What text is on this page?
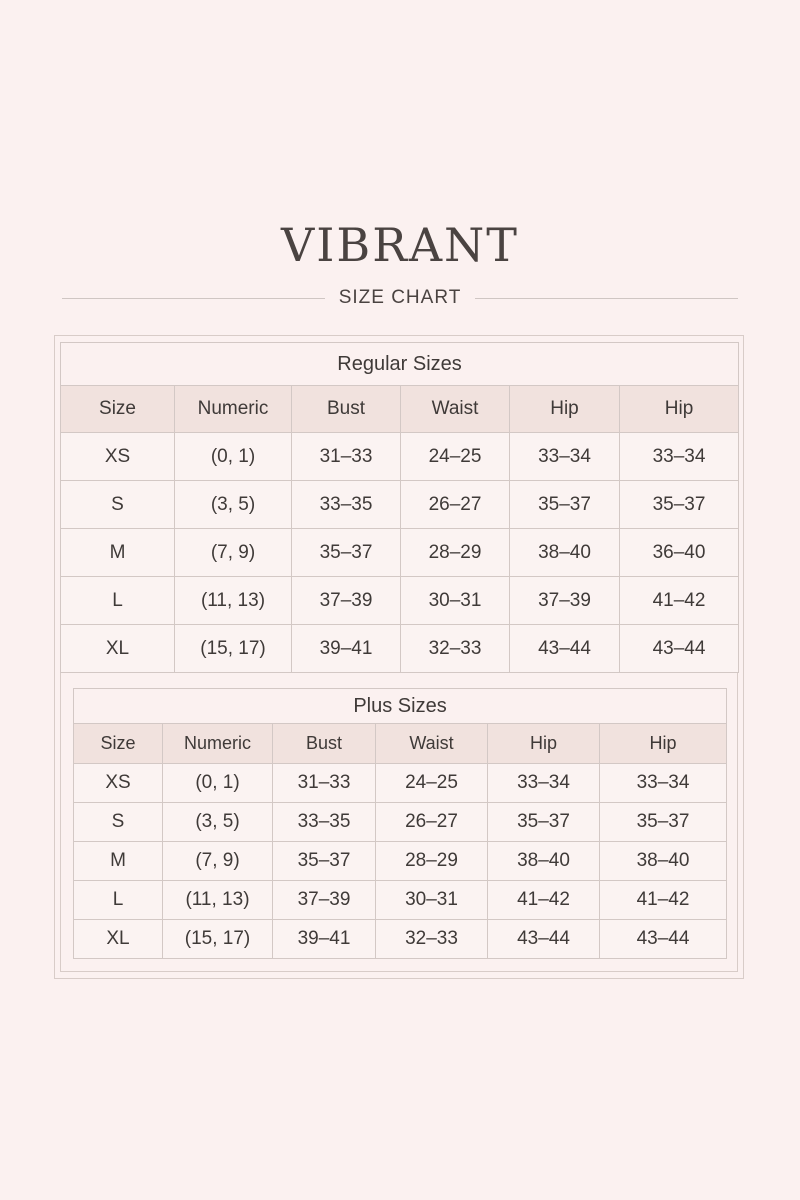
VIBRANT
SIZE CHART
Regular Sizes					
Size	Numeric	Bust	Waist	Hip	Hip
XS	(0, 1)	31–33	24–25	33–34	33–34
S	(3, 5)	33–35	26–27	35–37	35–37
M	(7, 9)	35–37	28–29	38–40	36–40
L	(11, 13)	37–39	30–31	37–39	41–42
XL	(15, 17)	39–41	32–33	43–44	43–44
Plus Sizes					
Size	Numeric	Bust	Waist	Hip	Hip
XS	(0, 1)	31–33	24–25	33–34	33–34
S	(3, 5)	33–35	26–27	35–37	35–37
M	(7, 9)	35–37	28–29	38–40	38–40
L	(11, 13)	37–39	30–31	41–42	41–42
XL	(15, 17)	39–41	32–33	43–44	43–44
